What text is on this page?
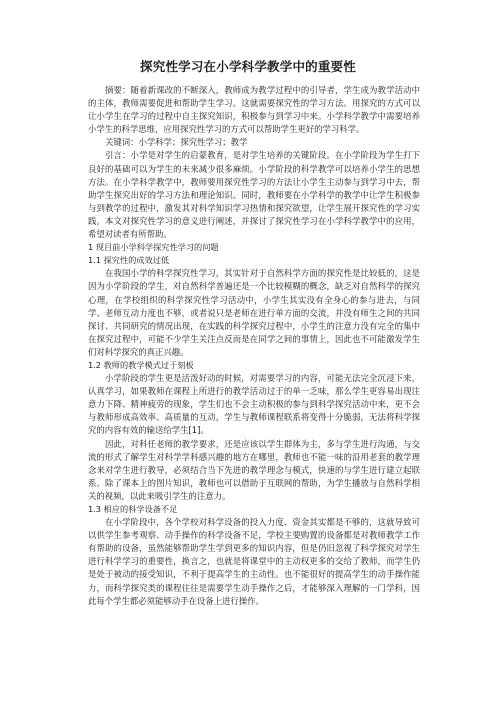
探究性学习在小学科学教学中的重要性

摘要：随着新课改的不断深入，教师成为教学过程中的引导者，学生成为教学活动中的主体，教师需要促进和帮助学生学习。这就需要探究性的学习方法。用探究的方式可以让小学生在学习的过程中自主探究知识，积极参与到学习中来。小学科学教学中需要培养小学生的科学思维，应用探究性学习的方式可以帮助学生更好的学习科学。

关键词：小学科学；探究性学习；教学

引言：小学是对学生的启蒙教育，是对学生培养的关键阶段。在小学阶段为学生打下良好的基础可以为学生的未来减少很多麻烦。小学阶段的科学教学可以培养小学生的思想方法。在小学科学教学中，教师要用探究性学习的方法让小学生主动参与到学习中去，帮助学生探究出好的学习方法和理论知识。同时，教师要在小学科学的教学中让学生积极参与到教学的过程中，激发其对科学知识学习热情和探究欲望，让学生展开探究性的学习实践。本文对探究性学习的意义进行阐述，并探讨了探究性学习在小学科学教学中的应用，希望对读者有所帮助。

1 现目前小学科学探究性学习的问题

1.1 探究性的成效过低

在我国小学的科学探究性学习，其实针对于自然科学方面的探究性是比较低的，这是因为小学阶段的学生，对自然科学普遍还是一个比较模糊的概念，缺乏对自然科学的探究心理，在学校组织的科学探究性学习活动中，小学生其实没有全身心的参与进去，与同学、老师互动力度也不够，或者说只是老师在进行单方面的交流，并没有师生之间的共同探讨、共同研究的情况出现，在实践的科学探究过程中，小学生的注意力没有完全的集中在探究过程中，可能不少学生关注点反而是在同学之间的事情上，因此也不可能激发学生们对科学探究的真正兴趣。

1.2 教师的教学模式过于刻板

小学阶段的学生更是活泼好动的时候，对需要学习的内容，可能无法完全沉浸下来，认真学习，如果教师在课程上所进行的教学活动过于的单一乏味，那么学生更容易出现注意力下降、精神疲劳的现象，学生们也不会主动积极的参与到科学探究活动中来，更不会与教师形成高效率、高质量的互动，学生与教师课程联系将变得十分脆弱，无法将科学探究的内容有效的输送给学生[1]。

因此，对科任老师的教学要求，还是应该以学生群体为主，多与学生进行沟通，与交流的形式了解学生对科学学科感兴趣的地方在哪里，教师也不能一味的沿用老套的教学理念来对学生进行教导，必须结合当下先进的教学理念与模式，快速的与学生进行建立起联系。除了课本上的图片知识，教师也可以借助于互联网的帮助，为学生播放与自然科学相关的视频，以此来吸引学生的注意力。

1.3 相应的科学设备不足

在小学阶段中，各个学校对科学设备的投入力度、资金其实都是不够的，这就导致可以供学生参考观察、动手操作的科学设备不足，学校主要购置的设备都是对教师教学工作有帮助的设备，虽然能够帮助学生学到更多的知识内容，但是仍旧忽视了科学探究对学生进行科学学习的重要性，换言之，也就是将课堂中的主动权更多的交给了教师，而学生仍是处于被动的接受知识，不利于提高学生的主动性。也不能很好的提高学生的动手操作能力，而科学探究类的课程往往是需要学生动手操作之后，才能够深入理解的一门学科，因此每个学生都必须能够动手在设备上进行操作。
